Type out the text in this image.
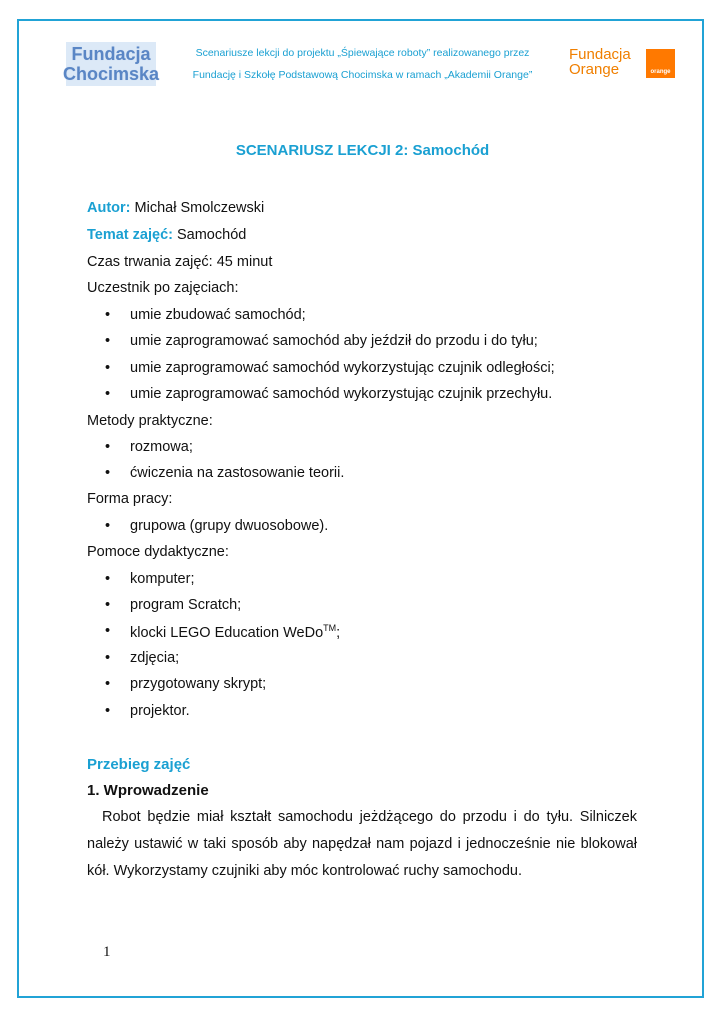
Fundacja
Chocimska
Scenariusze lekcji do projektu „Śpiewające roboty” realizowanego przez
Fundację i Szkołę Podstawową Chocimska w ramach „Akademii Orange”
Fundacja
Orange	orange
SCENARIUSZ LEKCJI 2: Samochód
Autor: Michał Smolczewski
Temat zajęć: Samochód
Czas trwania zajęć: 45 minut
Uczestnik po zajęciach:
• umie zbudować samochód;
• umie zaprogramować samochód aby jeździł do przodu i do tyłu;
• umie zaprogramować samochód wykorzystując czujnik odległości;
• umie zaprogramować samochód wykorzystując czujnik przechyłu.
Metody praktyczne:
• rozmowa;
• ćwiczenia na zastosowanie teorii.
Forma pracy:
• grupowa (grupy dwuosobowe).
Pomoce dydaktyczne:
• komputer;
• program Scratch;
• klocki LEGO Education WeDo™;
• zdjęcia;
• przygotowany skrypt;
• projektor.
Przebieg zajęć
1. Wprowadzenie
Robot będzie miał kształt samochodu jeżdżącego do przodu i do tyłu. Silniczek należy ustawić w taki sposób aby napędzał nam pojazd i jednocześnie nie blokował kół. Wykorzystamy czujniki aby móc kontrolować ruchy samochodu.
1
